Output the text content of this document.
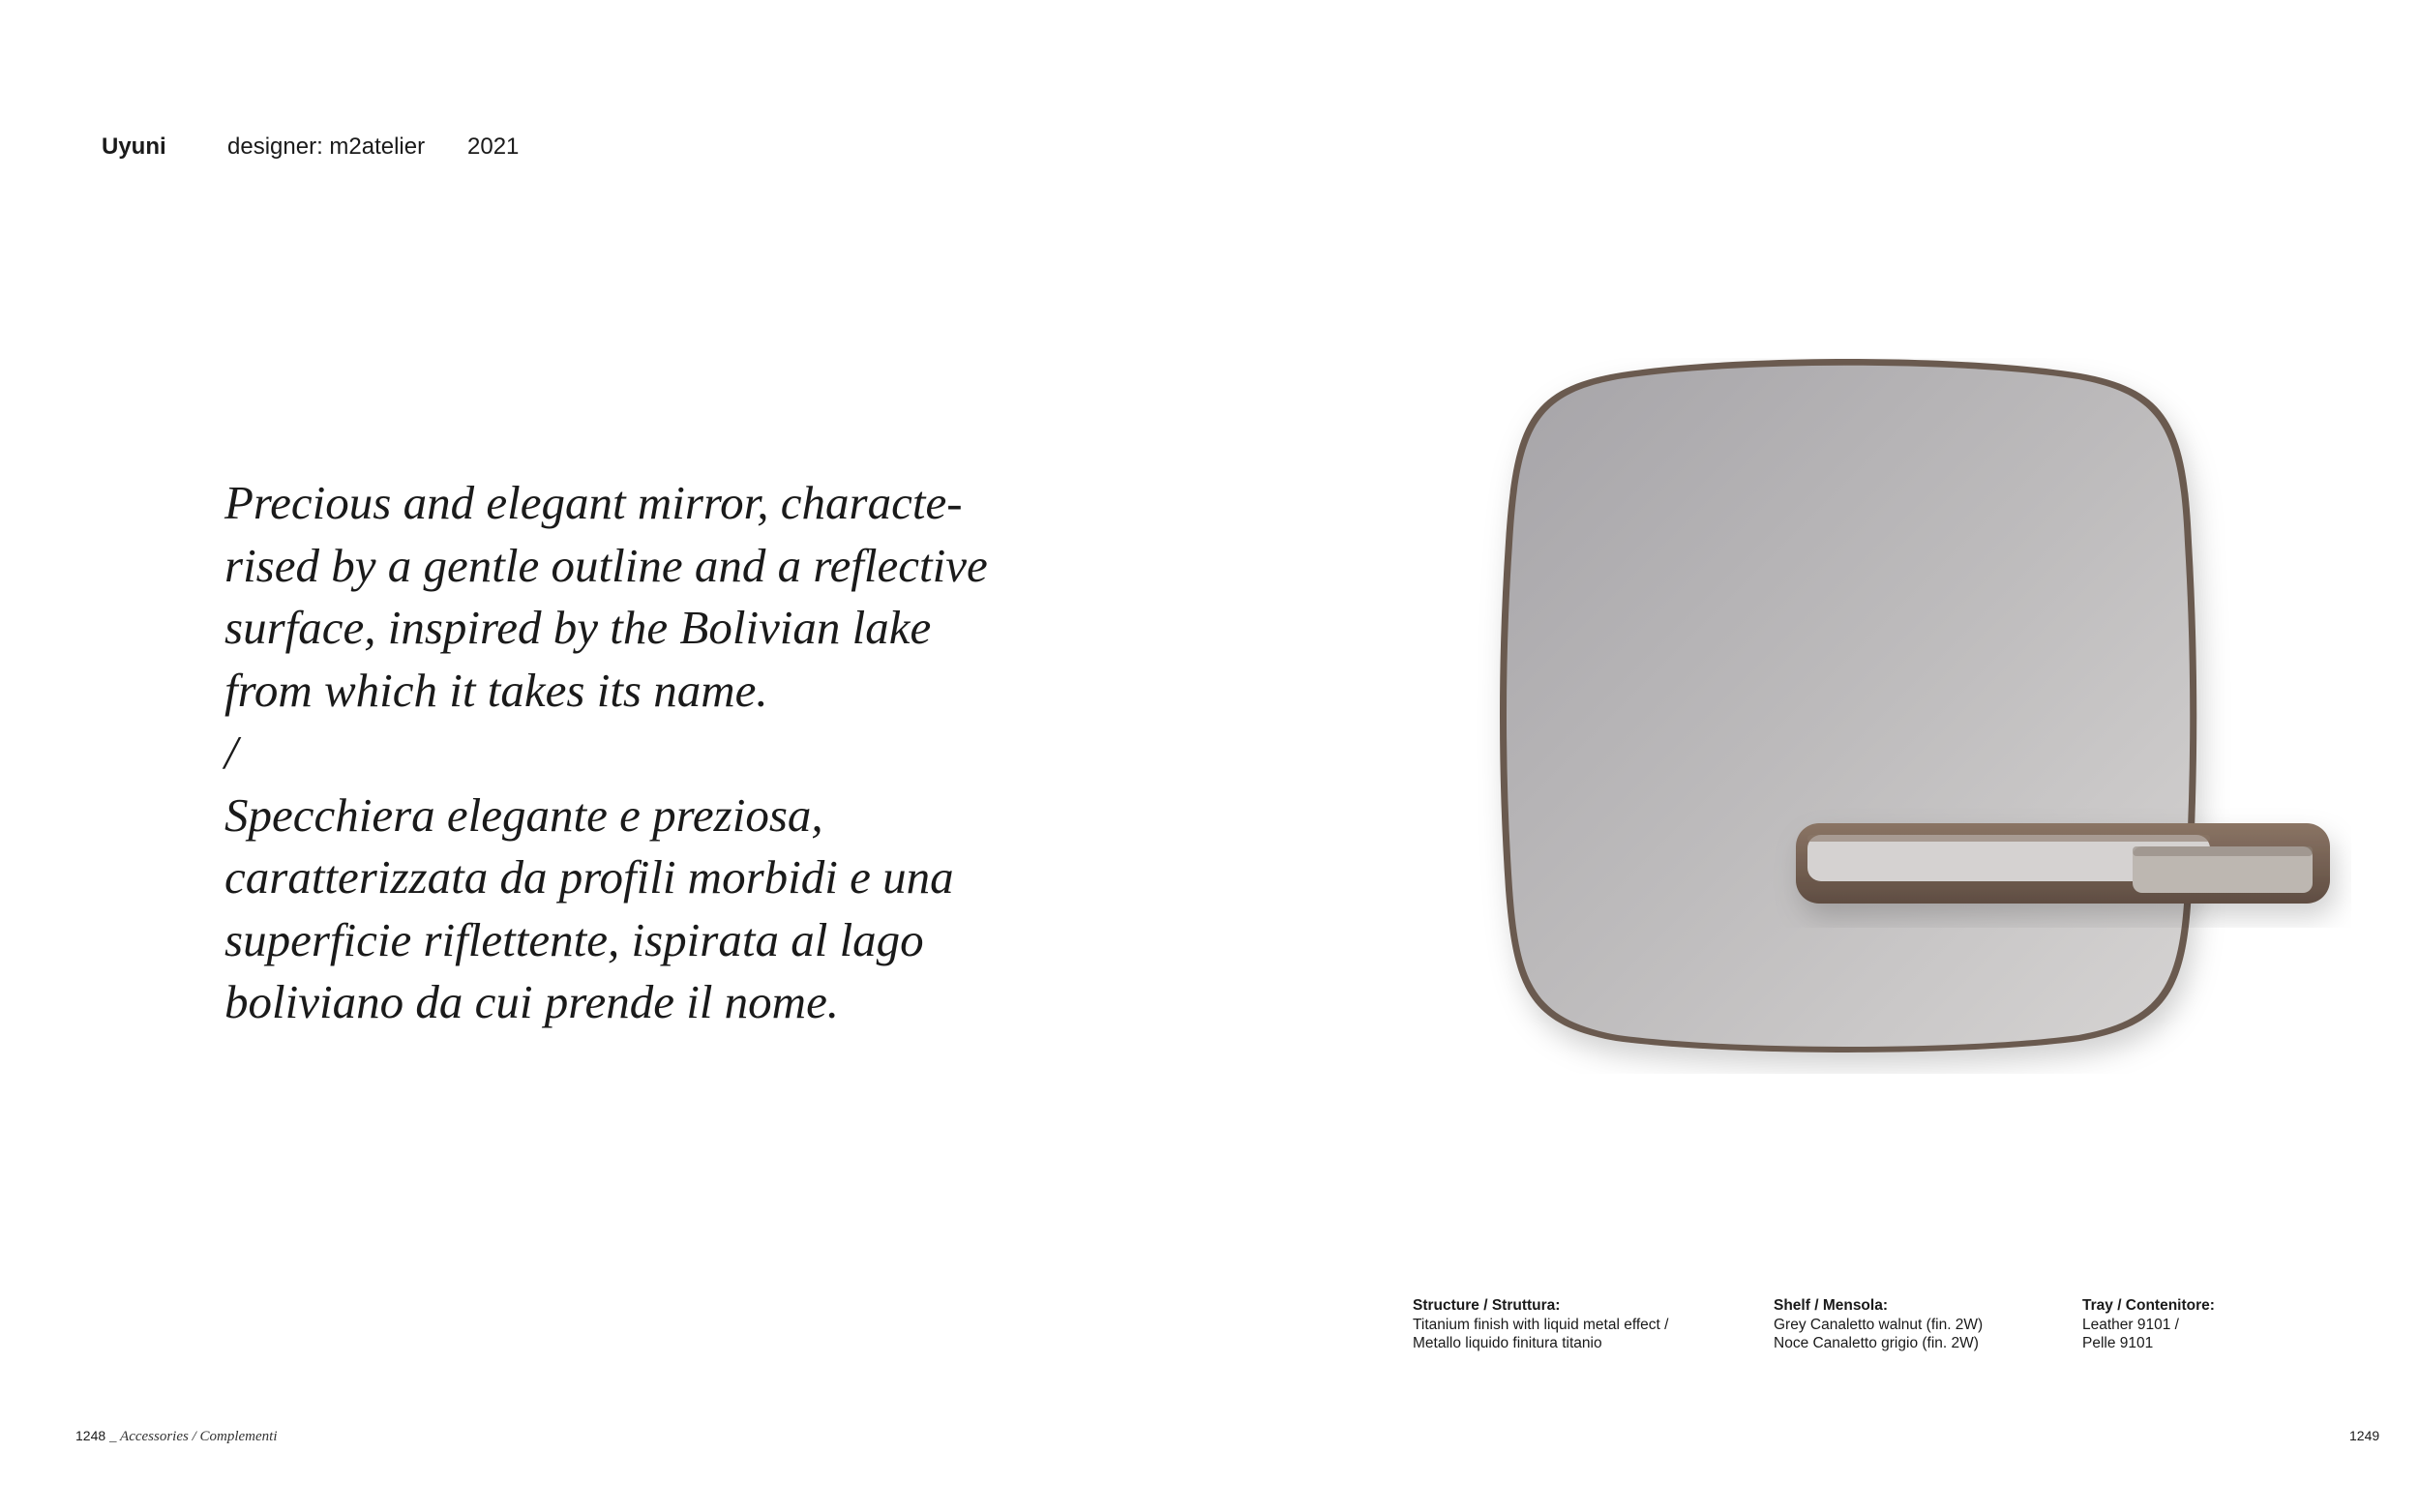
Uyuni	designer: m2atelier 2021

Precious and elegant mirror, characte-

rised by a gentle outline and a reflective

surface, inspired by the Bolivian lake

from which it takes its name.

/

Specchiera elegante e preziosa,

caratterizzata da profili morbidi e una

superficie riflettente, ispirata al lago

boliviano da cui prende il nome.

Structure / Struttura:
Titanium finish with liquid metal effect /
Metallo liquido finitura titanio
Shelf / Mensola:
Grey Canaletto walnut (fin. 2W)
Noce Canaletto grigio (fin. 2W)
Tray / Contenitore:
Leather 9101 /
Pelle 9101
1248 _ Accessories / Complementi	1249
